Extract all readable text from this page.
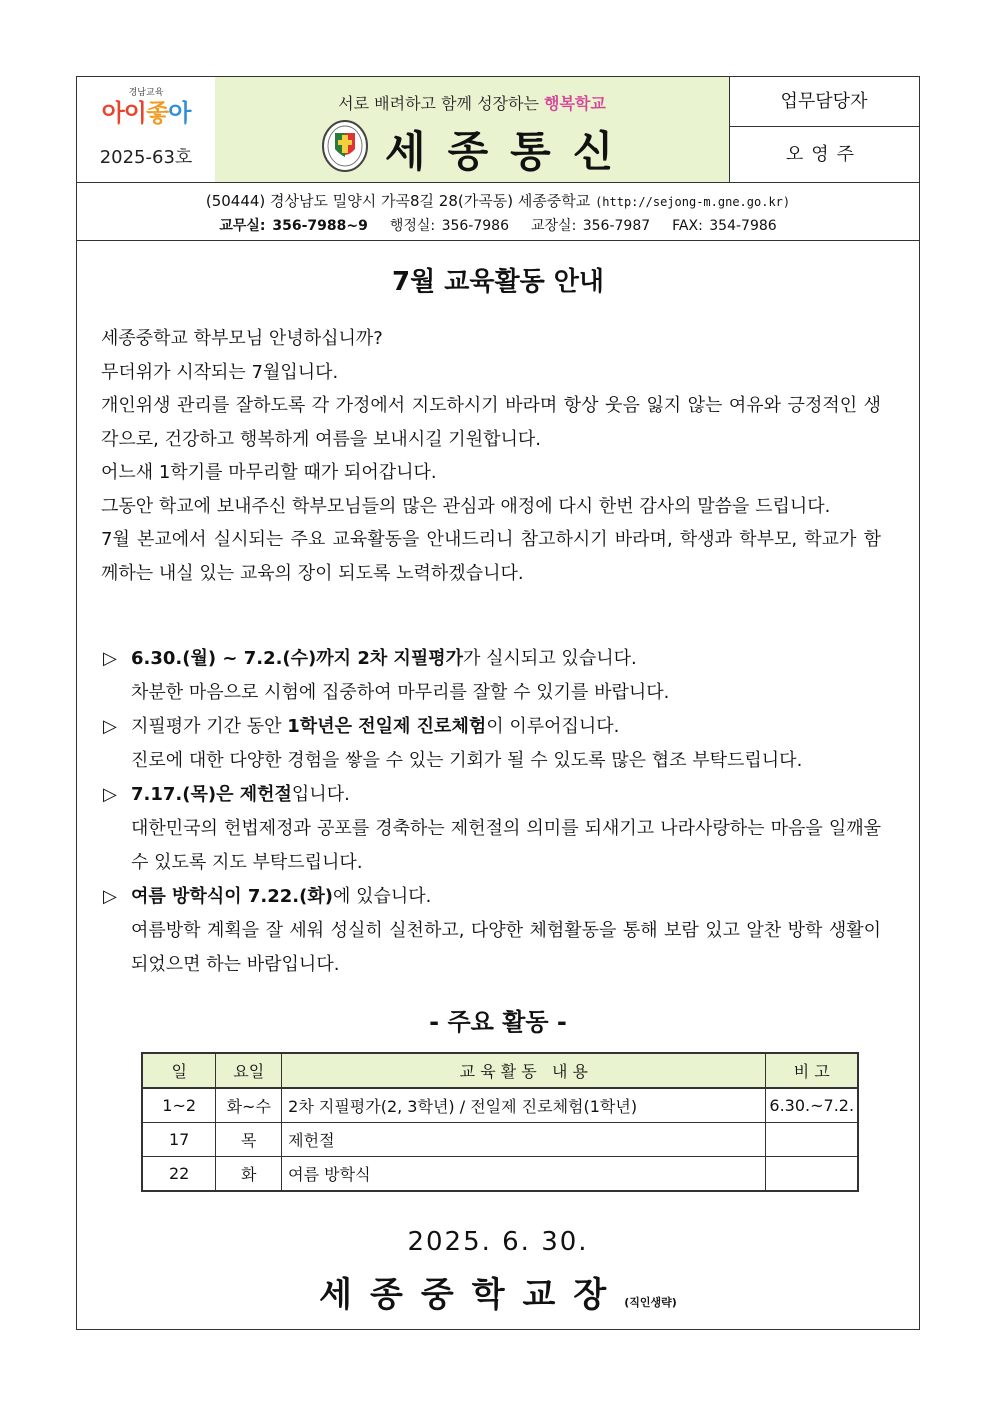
경남교육
아이좋아
2025-63호
서로 배려하고 함께 성장하는 행복학교
세종통신
업무담당자
오영주
(50444) 경상남도 밀양시 가곡8길 28(가곡동) 세종중학교 (http://sejong-m.gne.go.kr)
교무실: 356-7988~9 행정실: 356-7986 교장실: 356-7987 FAX: 354-7986
7월 교육활동 안내

세종중학교 학부모님 안녕하십니까?

무더위가 시작되는 7월입니다.

개인위생 관리를 잘하도록 각 가정에서 지도하시기 바라며 항상 웃음 잃지 않는 여유와 긍정적인 생각으로, 건강하고 행복하게 여름을 보내시길 기원합니다.

어느새 1학기를 마무리할 때가 되어갑니다.

그동안 학교에 보내주신 학부모님들의 많은 관심과 애정에 다시 한번 감사의 말씀을 드립니다.

7월 본교에서 실시되는 주요 교육활동을 안내드리니 참고하시기 바라며, 학생과 학부모, 학교가 함께하는 내실 있는 교육의 장이 되도록 노력하겠습니다.

▷ 6.30.(월) ~ 7.2.(수)까지 2차 지필평가가 실시되고 있습니다.
차분한 마음으로 시험에 집중하여 마무리를 잘할 수 있기를 바랍니다.
▷ 지필평가 기간 동안 1학년은 전일제 진로체험이 이루어집니다.
진로에 대한 다양한 경험을 쌓을 수 있는 기회가 될 수 있도록 많은 협조 부탁드립니다.
▷ 7.17.(목)은 제헌절입니다.
대한민국의 헌법제정과 공포를 경축하는 제헌절의 의미를 되새기고 나라사랑하는 마음을 일깨울 수 있도록 지도 부탁드립니다.
▷ 여름 방학식이 7.22.(화)에 있습니다.
여름방학 계획을 잘 세워 성실히 실천하고, 다양한 체험활동을 통해 보람 있고 알찬 방학 생활이 되었으면 하는 바람입니다.
- 주요 활동 -
일	요일	교 육 활 동   내 용	비 고
1~2	화~수	2차 지필평가(2, 3학년) / 전일제 진로체험(1학년)	6.30.~7.2.
17	목	제헌절	
22	화	여름 방학식	
2025. 6. 30.
세종중학교장(직인생략)
